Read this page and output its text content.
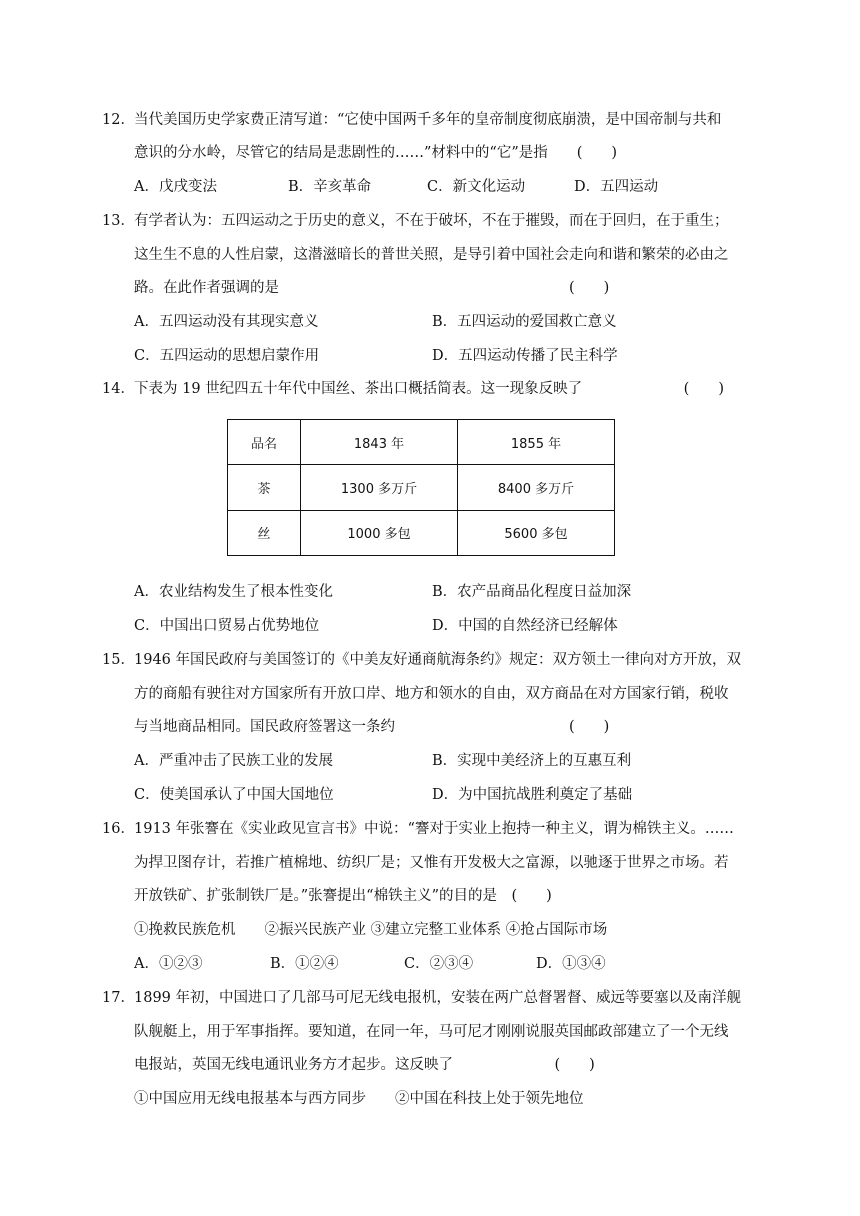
12． 当代美国历史学家费正清写道：“它使中国两千多年的皇帝制度彻底崩溃，是中国帝制与共和
意识的分水岭，尽管它的结局是悲剧性的……”材料中的“它”是指　　(　　)
A．戊戌变法	B．辛亥革命	C．新文化运动	D．五四运动
13． 有学者认为：五四运动之于历史的意义，不在于破坏，不在于摧毁，而在于回归，在于重生；
这生生不息的人性启蒙，这潜滋暗长的普世关照，是导引着中国社会走向和谐和繁荣的必由之
路。在此作者强调的是　　　　　　　　　　　　　　　　　　　　(　　)
A．五四运动没有其现实意义	B．五四运动的爱国救亡意义
C．五四运动的思想启蒙作用	D．五四运动传播了民主科学
14． 下表为 19 世纪四五十年代中国丝、茶出口概括简表。这一现象反映了　　　　　　　(　　)
品名	1843 年	1855 年
茶	1300 多万斤	8400 多万斤
丝	1000 多包	5600 多包
A．农业结构发生了根本性变化	B．农产品商品化程度日益加深
C．中国出口贸易占优势地位	D．中国的自然经济已经解体
15． 1946 年国民政府与美国签订的《中美友好通商航海条约》规定：双方领土一律向对方开放，双
方的商船有驶往对方国家所有开放口岸、地方和领水的自由，双方商品在对方国家行销，税收
与当地商品相同。国民政府签署这一条约　　　　　　　　　　　　(　　)
A．严重冲击了民族工业的发展	B．实现中美经济上的互惠互利
C．使美国承认了中国大国地位	D．为中国抗战胜利奠定了基础
16． 1913 年张謇在《实业政见宣言书》中说：“謇对于实业上抱持一种主义，谓为棉铁主义。……
为捍卫图存计，若推广植棉地、纺织厂是；又惟有开发极大之富源，以驰逐于世界之市场。若
开放铁矿、扩张制铁厂是。”张謇提出“棉铁主义”的目的是　(　　)
①挽救民族危机　　②振兴民族产业 ③建立完整工业体系 ④抢占国际市场
A．①②③	B．①②④	C．②③④	D．①③④
17． 1899 年初，中国进口了几部马可尼无线电报机，安装在两广总督署督、威远等要塞以及南洋舰
队舰艇上，用于军事指挥。要知道，在同一年，马可尼才刚刚说服英国邮政部建立了一个无线
电报站，英国无线电通讯业务方才起步。这反映了　　　　　　　(　　)
①中国应用无线电报基本与西方同步　　②中国在科技上处于领先地位
